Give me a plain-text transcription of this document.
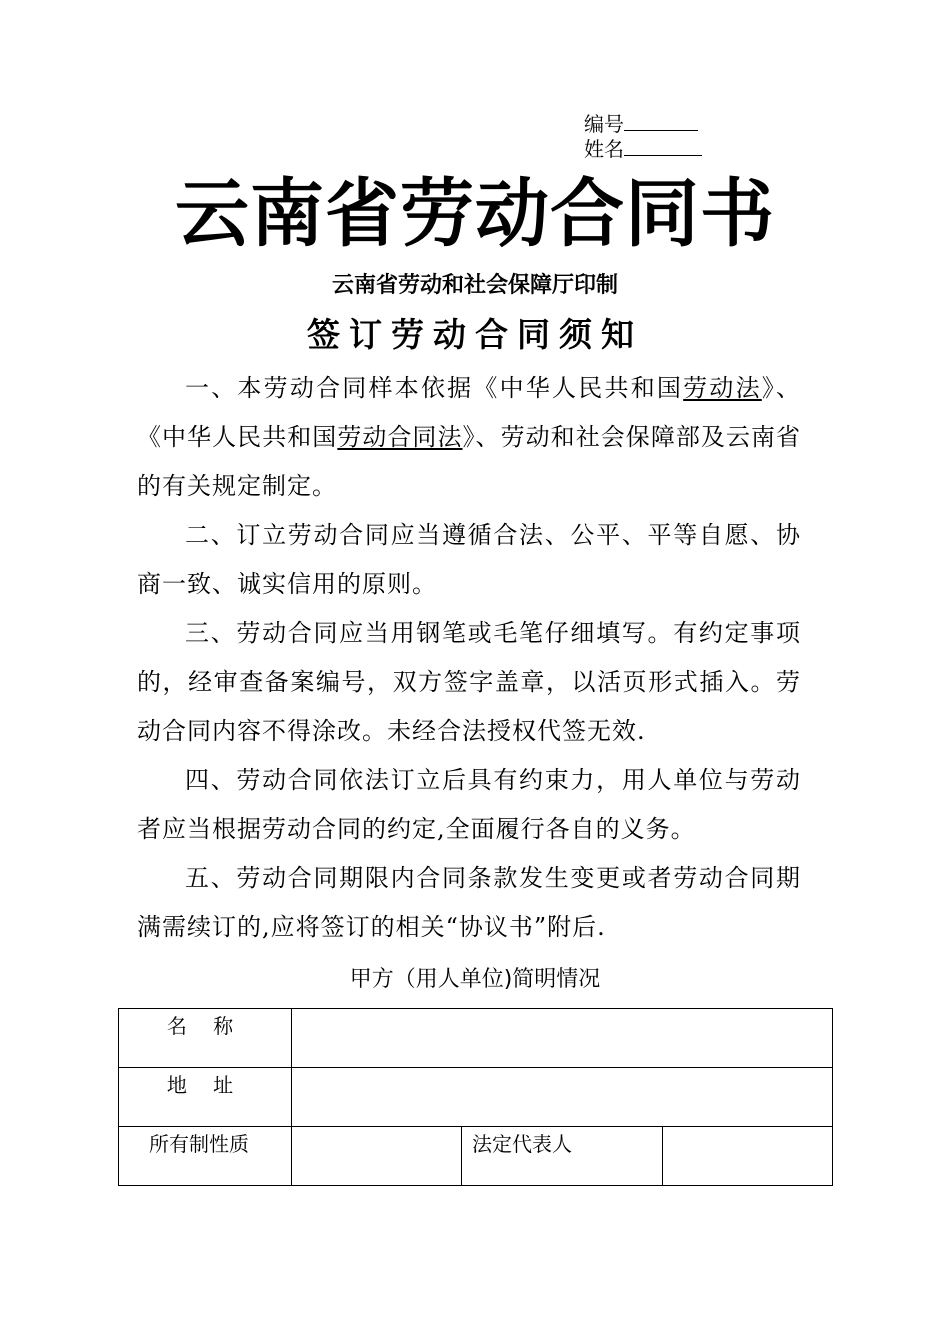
编号
姓名
云南省劳动合同书
云南省劳动和社会保障厅印制
签订劳动合同须知

一、本劳动合同样本依据《中华人民共和国劳动法》、《中华人民共和国劳动合同法》、劳动和社会保障部及云南省的有关规定制定。

二、订立劳动合同应当遵循合法、公平、平等自愿、协商一致、诚实信用的原则。

三、劳动合同应当用钢笔或毛笔仔细填写。有约定事项的，经审查备案编号，双方签字盖章，以活页形式插入。劳动合同内容不得涂改。未经合法授权代签无效.

四、劳动合同依法订立后具有约束力，用人单位与劳动者应当根据劳动合同的约定,全面履行各自的义务。

五、劳动合同期限内合同条款发生变更或者劳动合同期满需续订的,应将签订的相关“协议书”附后.

甲方（用人单位)简明情况
名 称			
地 址			
所有制性质		法定代表人	
